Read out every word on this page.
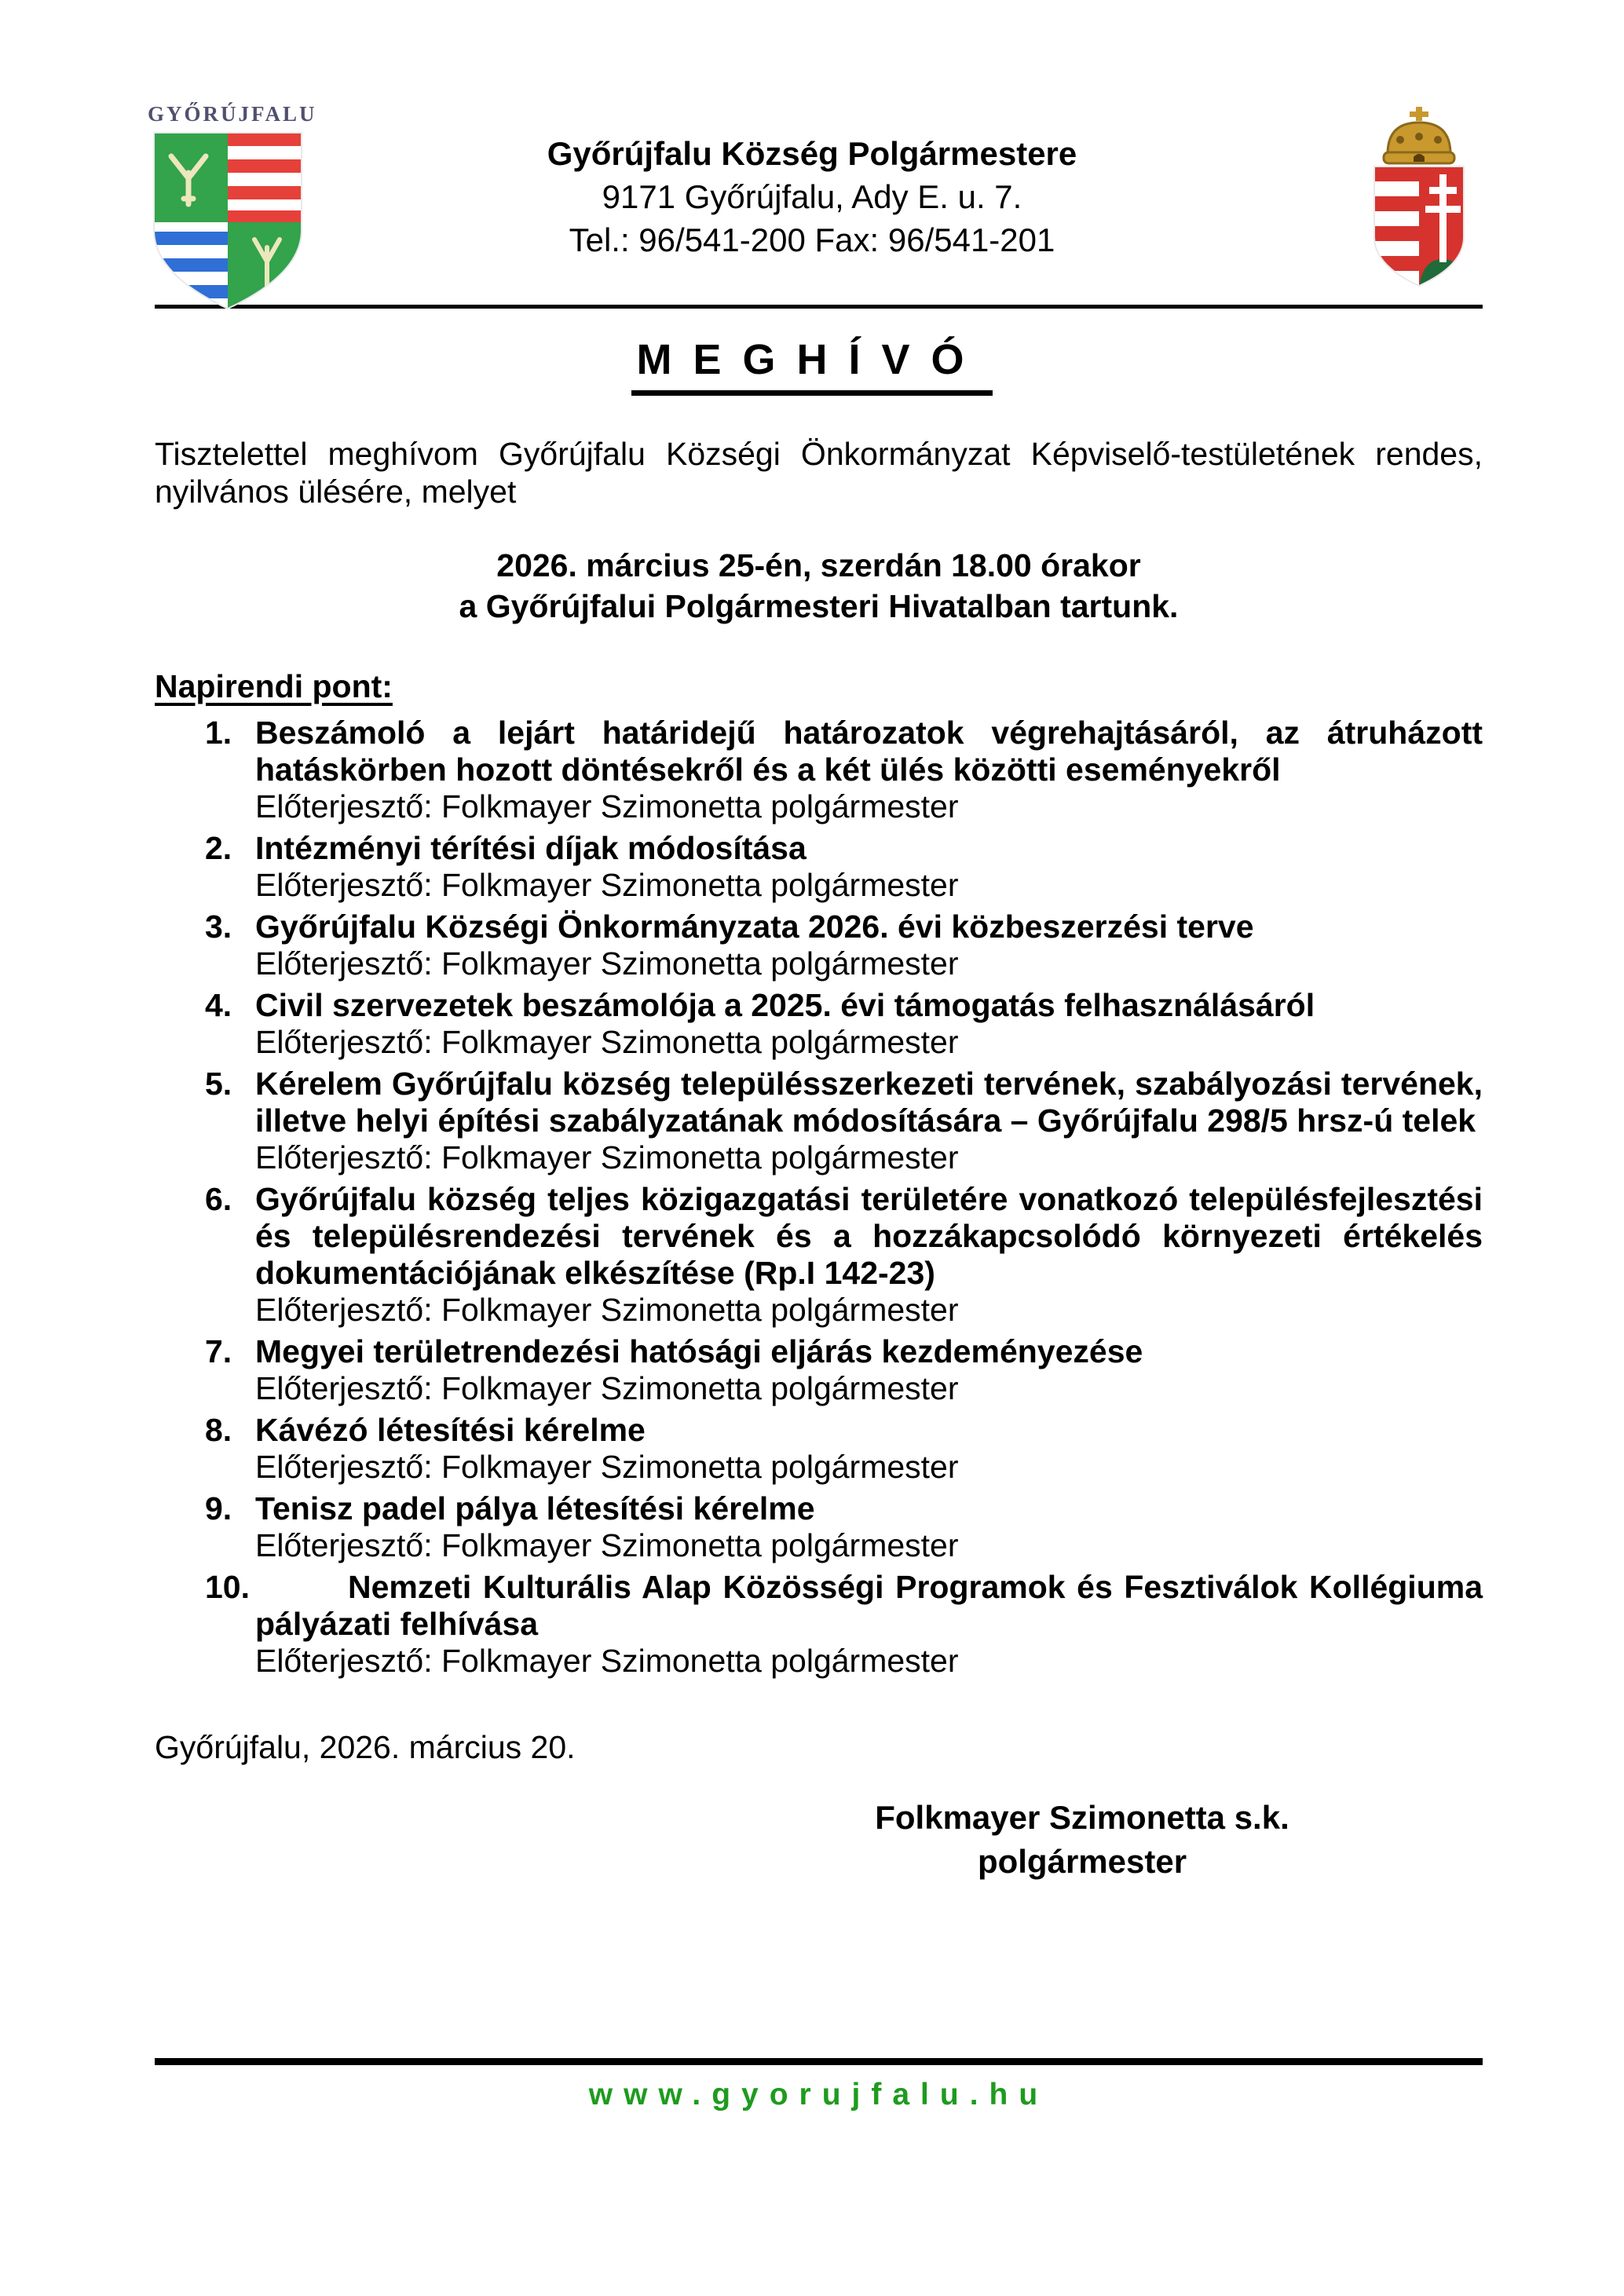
GYŐRÚJFALU
Győrújfalu Község Polgármestere
9171 Győrújfalu, Ady E. u. 7.
Tel.: 96/541-200 Fax: 96/541-201
M E G H Í V Ó

Tisztelettel meghívom Győrújfalu Községi Önkormányzat Képviselő-testületének rendes, nyilvános ülésére, melyet

2026. március 25-én, szerdán 18.00 órakor
a Győrújfalui Polgármesteri Hivatalban tartunk.
Napirendi pont:
1. Beszámoló a lejárt határidejű határozatok végrehajtásáról, az átruházott hatáskörben hozott döntésekről és a két ülés közötti eseményekről
Előterjesztő: Folkmayer Szimonetta polgármester
2. Intézményi térítési díjak módosítása
Előterjesztő: Folkmayer Szimonetta polgármester
3. Győrújfalu Községi Önkormányzata 2026. évi közbeszerzési terve
Előterjesztő: Folkmayer Szimonetta polgármester
4. Civil szervezetek beszámolója a 2025. évi támogatás felhasználásáról
Előterjesztő: Folkmayer Szimonetta polgármester
5. Kérelem Győrújfalu község településszerkezeti tervének, szabályozási tervének, illetve helyi építési szabályzatának módosítására – Győrújfalu 298/5 hrsz-ú telek
Előterjesztő: Folkmayer Szimonetta polgármester
6. Győrújfalu község teljes közigazgatási területére vonatkozó településfejlesztési és településrendezési tervének és a hozzákapcsolódó környezeti értékelés dokumentációjának elkészítése (Rp.I 142-23)
Előterjesztő: Folkmayer Szimonetta polgármester
7. Megyei területrendezési hatósági eljárás kezdeményezése
Előterjesztő: Folkmayer Szimonetta polgármester
8. Kávézó létesítési kérelme
Előterjesztő: Folkmayer Szimonetta polgármester
9. Tenisz padel pálya létesítési kérelme
Előterjesztő: Folkmayer Szimonetta polgármester
10.	Nemzeti Kulturális Alap Közösségi Programok és Fesztiválok Kollégiuma pályázati felhívása
Előterjesztő: Folkmayer Szimonetta polgármester
Győrújfalu, 2026. március 20.
Folkmayer Szimonetta s.k.
polgármester
www.gyorujfalu.hu
